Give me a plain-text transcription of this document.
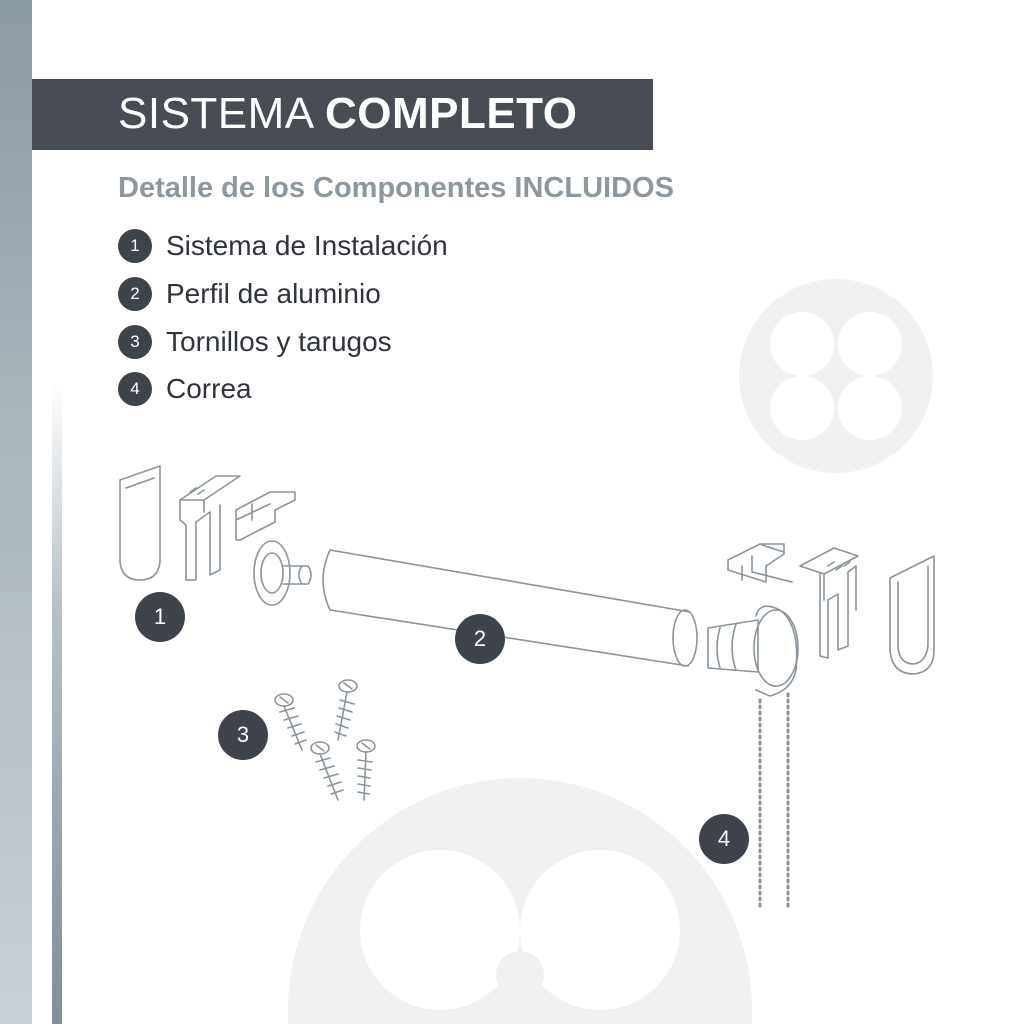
SISTEMA COMPLETO
Detalle de los Componentes INCLUIDOS
1 Sistema de Instalación
2 Perfil de aluminio
3 Tornillos y tarugos
4 Correa
1
2
3
4
